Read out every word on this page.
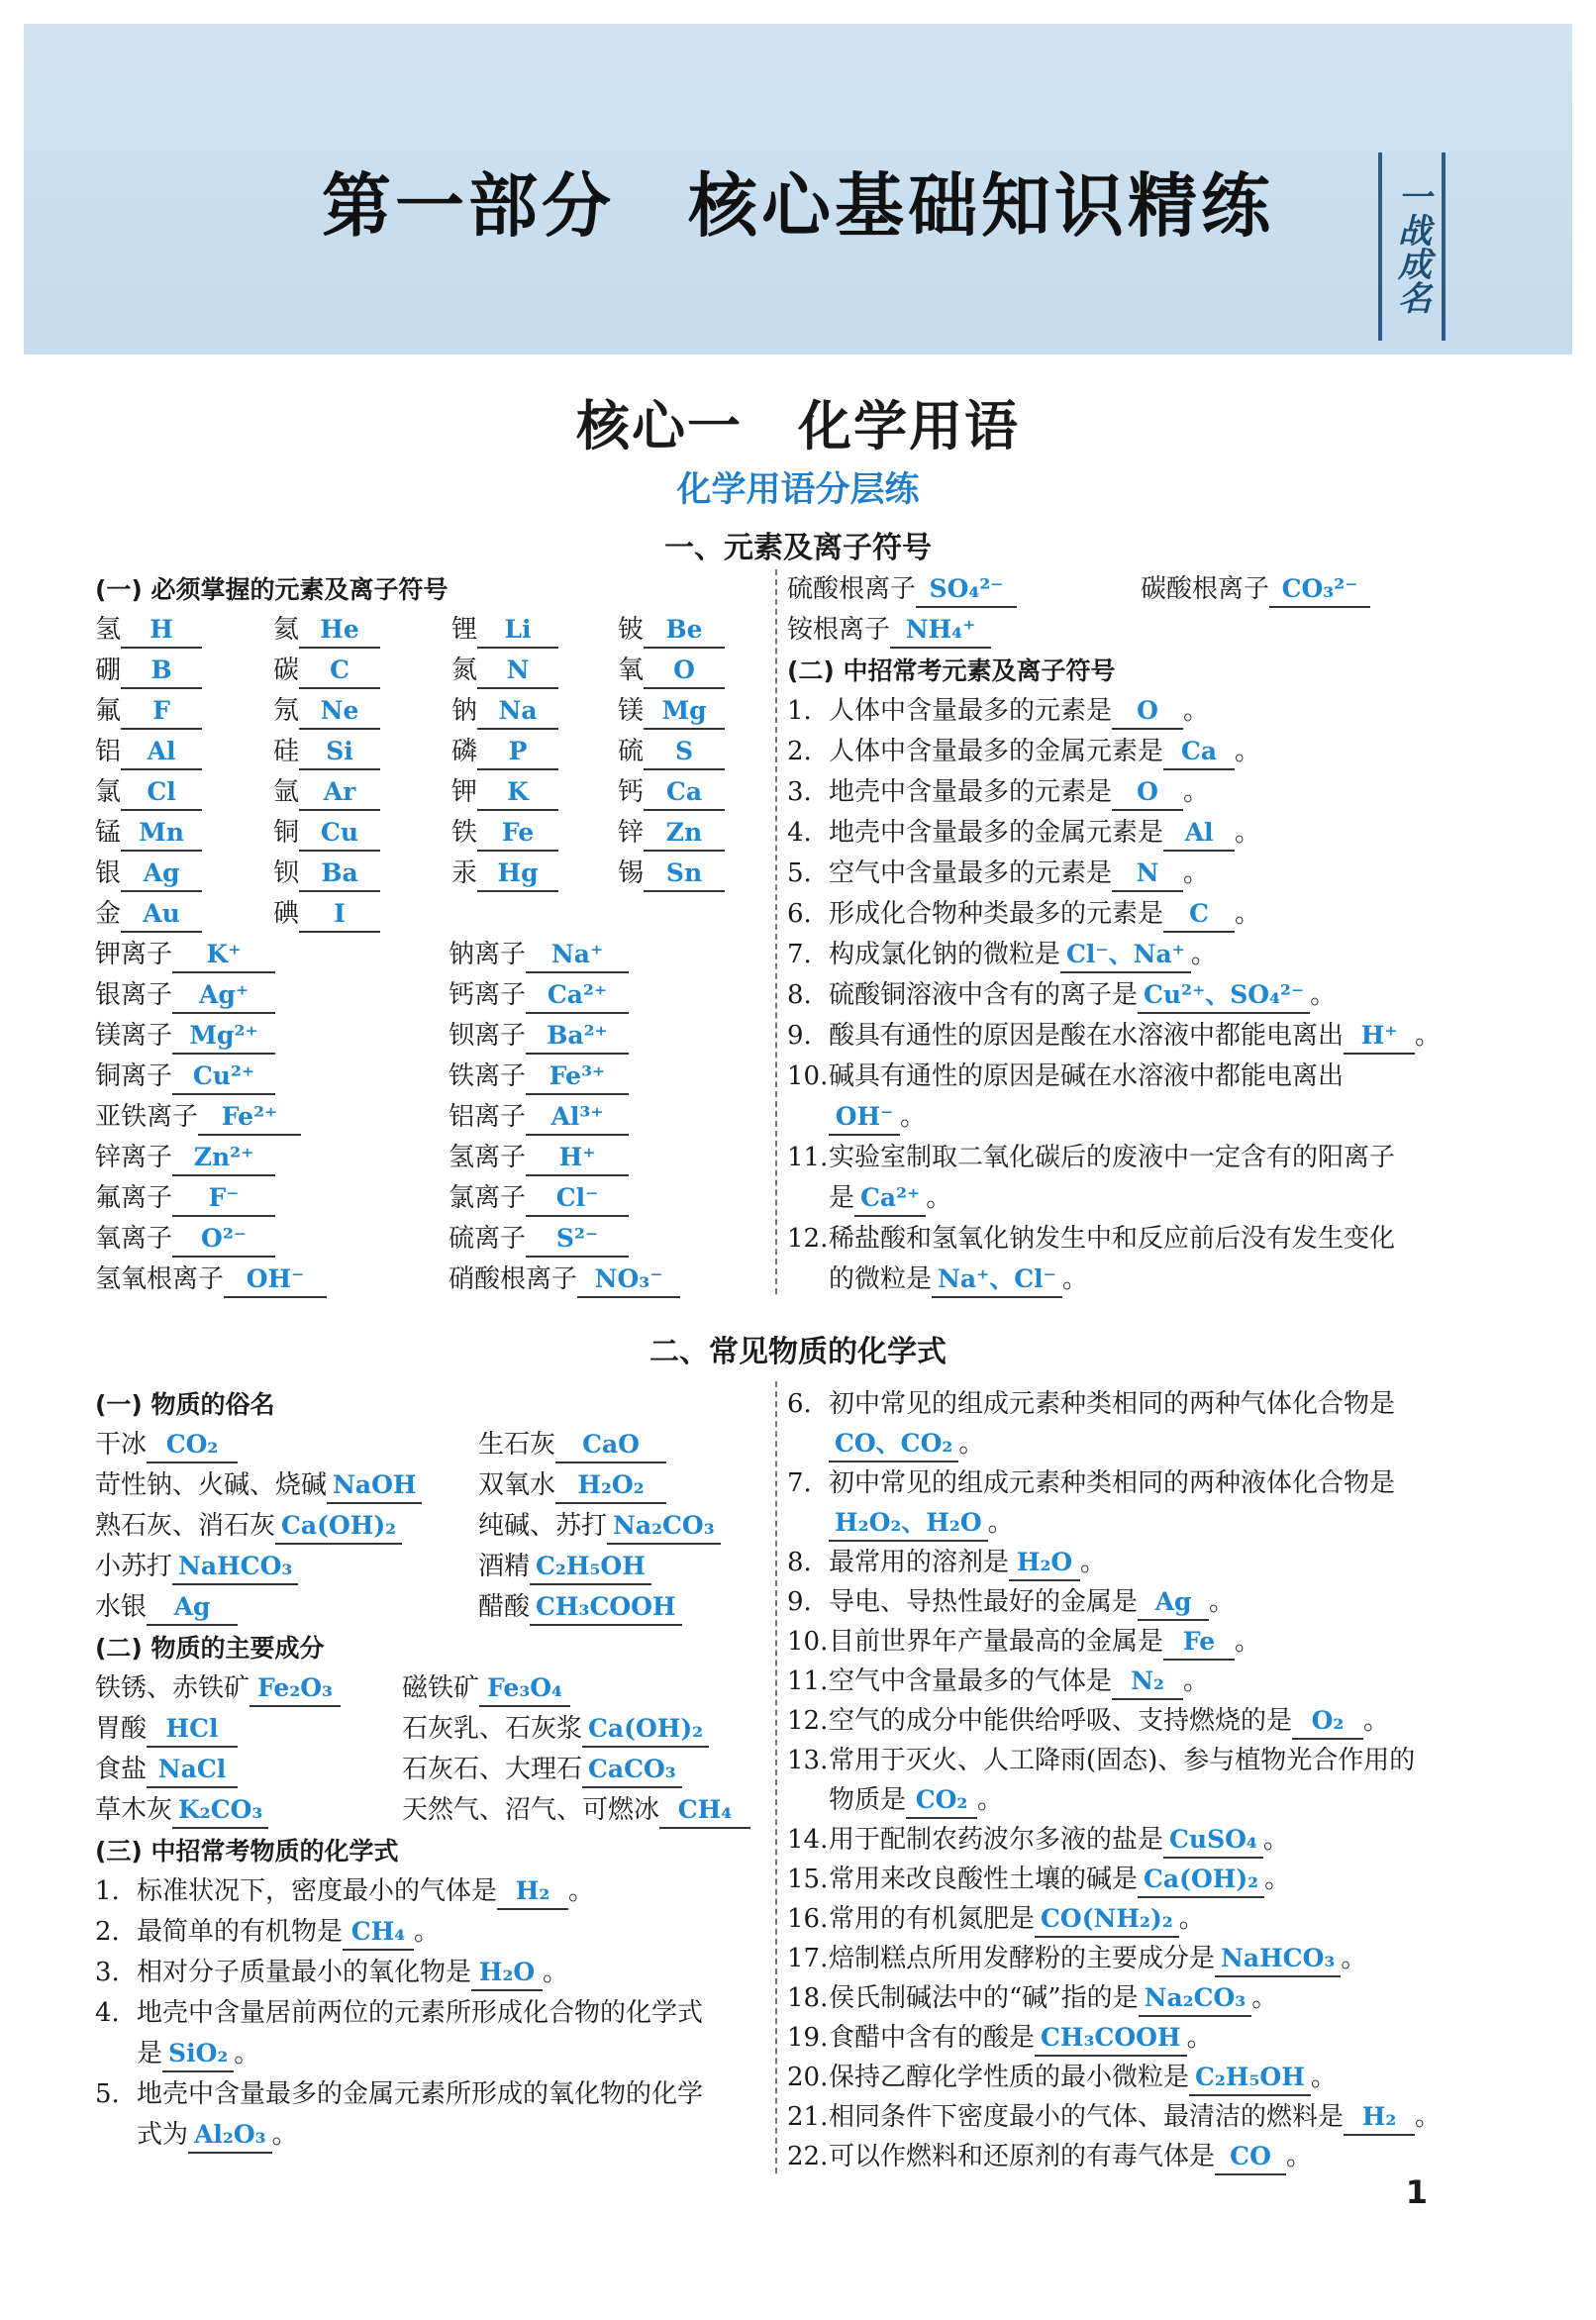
第一部分　核心基础知识精练	一战成名
核心一　化学用语
化学用语分层练
一、元素及离子符号
(一) 必须掌握的元素及离子符号
氢 H	氦 He	锂 Li	铍 Be
硼 B	碳 C	氮 N	氧 O
氟 F	氖 Ne	钠 Na	镁 Mg
铝 Al	硅 Si	磷 P	硫 S
氯 Cl	氩 Ar	钾 K	钙 Ca
锰 Mn	铜 Cu	铁 Fe	锌 Zn
银 Ag	钡 Ba	汞 Hg	锡 Sn
金 Au	碘 I
钾离子 K⁺	钠离子 Na⁺
银离子 Ag⁺	钙离子 Ca²⁺
镁离子 Mg²⁺	钡离子 Ba²⁺
铜离子 Cu²⁺	铁离子 Fe³⁺
亚铁离子 Fe²⁺	铝离子 Al³⁺
锌离子 Zn²⁺	氢离子 H⁺
氟离子 F⁻	氯离子 Cl⁻
氧离子 O²⁻	硫离子 S²⁻
氢氧根离子 OH⁻	硝酸根离子 NO₃⁻
硫酸根离子 SO₄²⁻	碳酸根离子 CO₃²⁻
铵根离子 NH₄⁺
(二) 中招常考元素及离子符号
1. 人体中含量最多的元素是 O 。
2. 人体中含量最多的金属元素是 Ca 。
3. 地壳中含量最多的元素是 O 。
4. 地壳中含量最多的金属元素是 Al 。
5. 空气中含量最多的元素是 N 。
6. 形成化合物种类最多的元素是 C 。
7. 构成氯化钠的微粒是 Cl⁻、Na⁺ 。
8. 硫酸铜溶液中含有的离子是 Cu²⁺、SO₄²⁻ 。
9. 酸具有通性的原因是酸在水溶液中都能电离出 H⁺ 。
10.碱具有通性的原因是碱在水溶液中都能电离出
OH⁻ 。
11.实验室制取二氧化碳后的废液中一定含有的阳离子
是 Ca²⁺ 。
12.稀盐酸和氢氧化钠发生中和反应前后没有发生变化
的微粒是 Na⁺、Cl⁻ 。
二、常见物质的化学式
(一) 物质的俗名
干冰 CO₂	生石灰 CaO
苛性钠、火碱、烧碱 NaOH 双氧水 H₂O₂
熟石灰、消石灰 Ca(OH)₂	纯碱、苏打 Na₂CO₃
小苏打 NaHCO₃	酒精 C₂H₅OH
水银 Ag	醋酸 CH₃COOH
(二) 物质的主要成分
铁锈、赤铁矿 Fe₂O₃	磁铁矿 Fe₃O₄
胃酸 HCl	石灰乳、石灰浆 Ca(OH)₂
食盐 NaCl	石灰石、大理石 CaCO₃
草木灰 K₂CO₃	天然气、沼气、可燃冰 CH₄
(三) 中招常考物质的化学式
1. 标准状况下，密度最小的气体是 H₂ 。
2. 最简单的有机物是 CH₄ 。
3. 相对分子质量最小的氧化物是 H₂O 。
4. 地壳中含量居前两位的元素所形成化合物的化学式
是 SiO₂ 。
5. 地壳中含量最多的金属元素所形成的氧化物的化学
式为 Al₂O₃ 。
6. 初中常见的组成元素种类相同的两种气体化合物是
CO、CO₂ 。
7. 初中常见的组成元素种类相同的两种液体化合物是
H₂O₂、H₂O 。
8. 最常用的溶剂是 H₂O 。
9. 导电、导热性最好的金属是 Ag 。
10.目前世界年产量最高的金属是 Fe 。
11.空气中含量最多的气体是 N₂ 。
12.空气的成分中能供给呼吸、支持燃烧的是 O₂ 。
13.常用于灭火、人工降雨(固态)、参与植物光合作用的
物质是 CO₂ 。
14.用于配制农药波尔多液的盐是 CuSO₄ 。
15.常用来改良酸性土壤的碱是 Ca(OH)₂ 。
16.常用的有机氮肥是 CO(NH₂)₂ 。
17.焙制糕点所用发酵粉的主要成分是 NaHCO₃ 。
18.侯氏制碱法中的“碱”指的是 Na₂CO₃ 。
19.食醋中含有的酸是 CH₃COOH 。
20.保持乙醇化学性质的最小微粒是 C₂H₅OH 。
21.相同条件下密度最小的气体、最清洁的燃料是 H₂ 。
22.可以作燃料和还原剂的有毒气体是 CO 。
1
